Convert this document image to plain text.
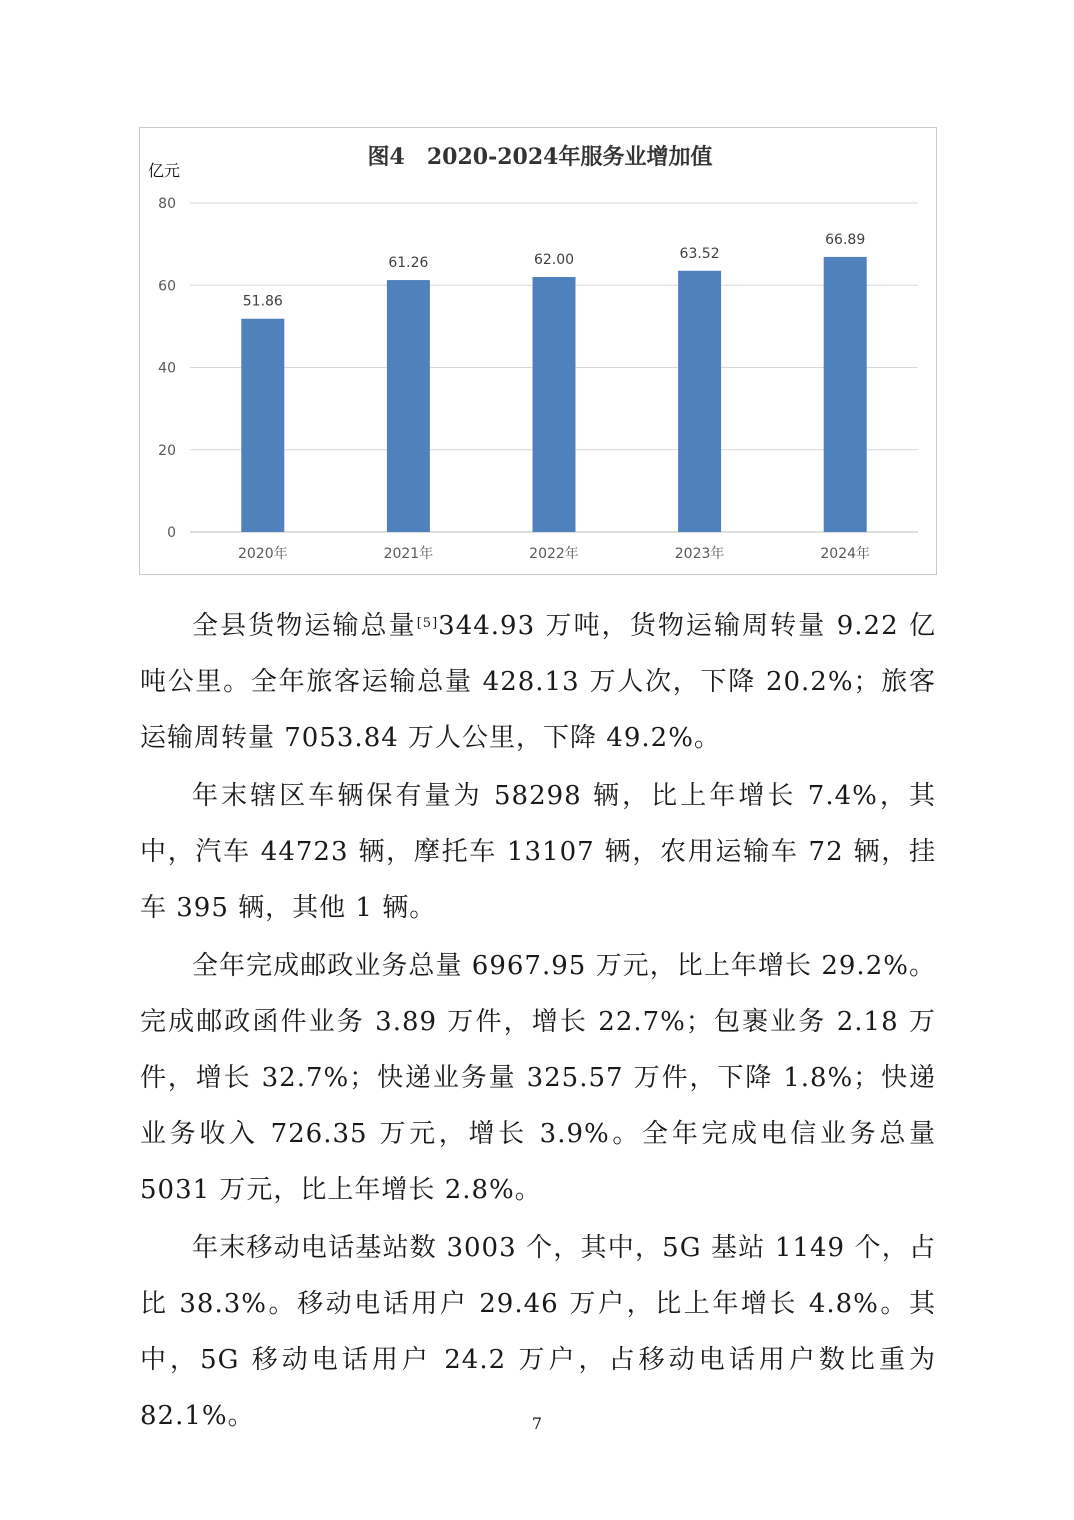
图4　2020-2024年服务业增加值
亿元
0
20
40
60
80
51.86
61.26	62.00	63.52
66.89
2020年	2021年	2022年	2023年	2024年

全县货物运输总量[5]344.93 万吨，货物运输周转量 9.22 亿吨公里。全年旅客运输总量 428.13 万人次，下降 20.2%；旅客运输周转量 7053.84 万人公里，下降 49.2%。

年末辖区车辆保有量为 58298 辆，比上年增长 7.4%，其中，汽车 44723 辆，摩托车 13107 辆，农用运输车 72 辆，挂车 395 辆，其他 1 辆。

全年完成邮政业务总量 6967.95 万元，比上年增长 29.2%。完成邮政函件业务 3.89 万件，增长 22.7%；包裹业务 2.18 万件，增长 32.7%；快递业务量 325.57 万件，下降 1.8%；快递业务收入 726.35 万元，增长 3.9%。全年完成电信业务总量 5031 万元，比上年增长 2.8%。

年末移动电话基站数 3003 个，其中，5G 基站 1149 个，占比 38.3%。移动电话用户 29.46 万户，比上年增长 4.8%。其中，5G 移动电话用户 24.2 万户，占移动电话用户数比重为 82.1%。	7
